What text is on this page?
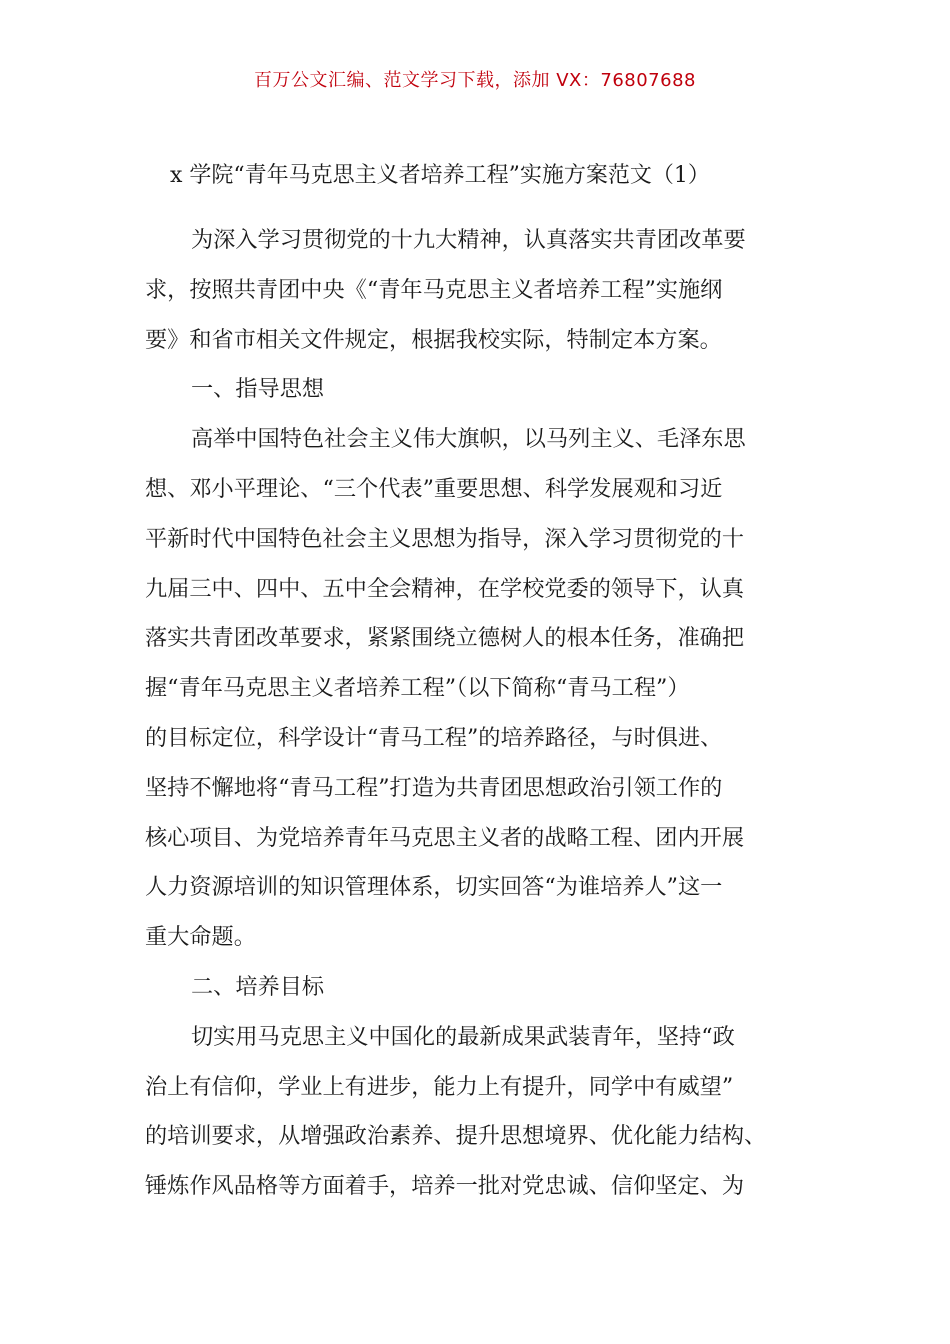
百万公文汇编、范文学习下载，添加 VX：76807688
x 学院“青年马克思主义者培养工程”实施方案范文（1）
为深入学习贯彻党的十九大精神，认真落实共青团改革要
求，按照共青团中央《“青年马克思主义者培养工程”实施纲
要》和省市相关文件规定，根据我校实际，特制定本方案。
一、指导思想
高举中国特色社会主义伟大旗帜，以马列主义、毛泽东思
想、邓小平理论、“三个代表”重要思想、科学发展观和习近
平新时代中国特色社会主义思想为指导，深入学习贯彻党的十
九届三中、四中、五中全会精神，在学校党委的领导下，认真
落实共青团改革要求，紧紧围绕立德树人的根本任务，准确把
握“青年马克思主义者培养工程”（以下简称“青马工程”）
的目标定位，科学设计“青马工程”的培养路径，与时俱进、
坚持不懈地将“青马工程”打造为共青团思想政治引领工作的
核心项目、为党培养青年马克思主义者的战略工程、团内开展
人力资源培训的知识管理体系，切实回答“为谁培养人”这一
重大命题。
二、培养目标
切实用马克思主义中国化的最新成果武装青年，坚持“政
治上有信仰，学业上有进步，能力上有提升，同学中有威望”
的培训要求，从增强政治素养、提升思想境界、优化能力结构、
锤炼作风品格等方面着手，培养一批对党忠诚、信仰坚定、为
